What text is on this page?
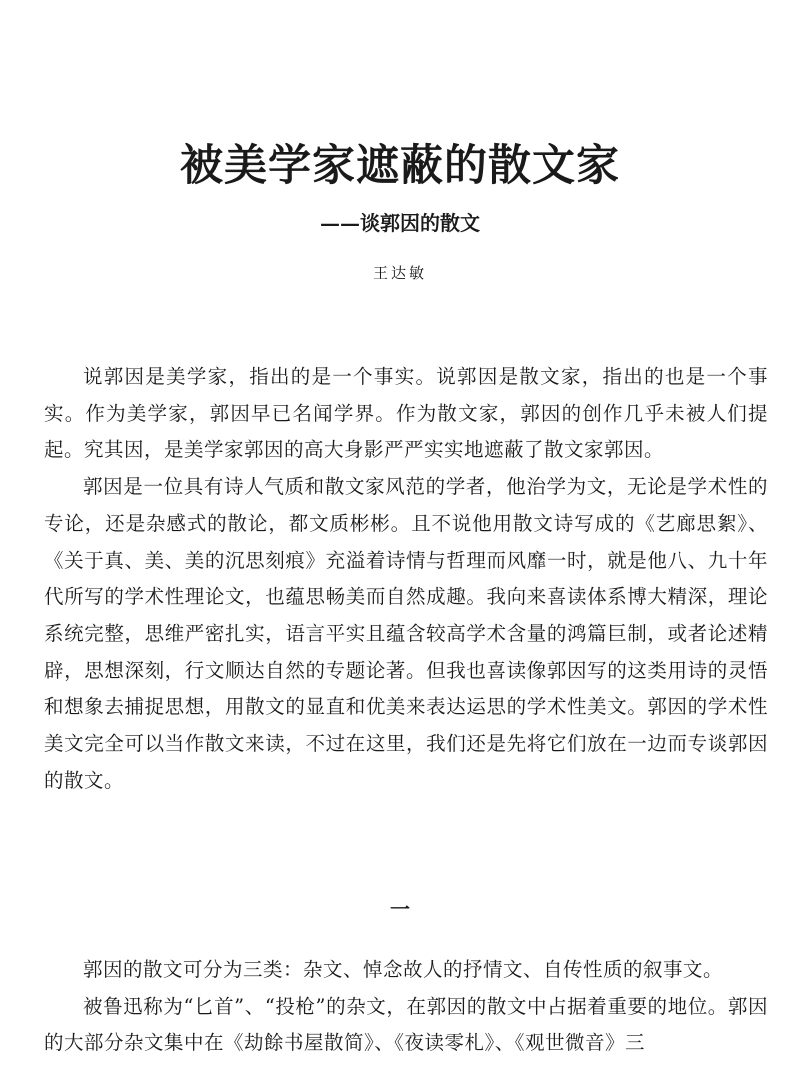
被美学家遮蔽的散文家
——谈郭因的散文
王达敏

说郭因是美学家，指出的是一个事实。说郭因是散文家，指出的也是一个事实。作为美学家，郭因早已名闻学界。作为散文家，郭因的创作几乎未被人们提起。究其因，是美学家郭因的高大身影严严实实地遮蔽了散文家郭因。

郭因是一位具有诗人气质和散文家风范的学者，他治学为文，无论是学术性的专论，还是杂感式的散论，都文质彬彬。且不说他用散文诗写成的《艺廊思絮》、《关于真、美、美的沉思刻痕》充溢着诗情与哲理而风靡一时，就是他八、九十年代所写的学术性理论文，也蕴思畅美而自然成趣。我向来喜读体系博大精深，理论系统完整，思维严密扎实，语言平实且蕴含较高学术含量的鸿篇巨制，或者论述精辟，思想深刻，行文顺达自然的专题论著。但我也喜读像郭因写的这类用诗的灵悟和想象去捕捉思想，用散文的显直和优美来表达运思的学术性美文。郭因的学术性美文完全可以当作散文来读，不过在这里，我们还是先将它们放在一边而专谈郭因的散文。

一

郭因的散文可分为三类：杂文、悼念故人的抒情文、自传性质的叙事文。

被鲁迅称为“匕首”、“投枪”的杂文，在郭因的散文中占据着重要的地位。郭因的大部分杂文集中在《劫餘书屋散简》、《夜读零札》、《观世微音》三
